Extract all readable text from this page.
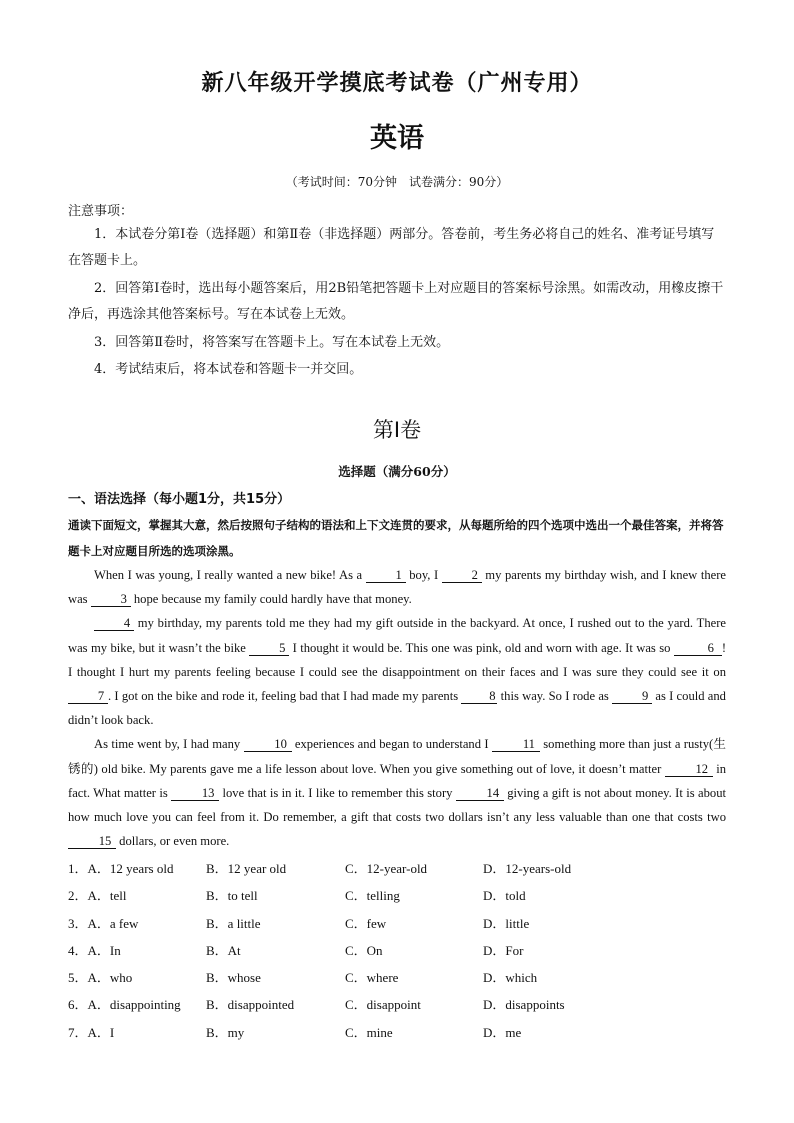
新八年级开学摸底考试卷（广州专用）
英语
（考试时间：70分钟　试卷满分：90分）
注意事项：
1．本试卷分第Ⅰ卷（选择题）和第Ⅱ卷（非选择题）两部分。答卷前，考生务必将自己的姓名、准考证号填写在答题卡上。
2．回答第Ⅰ卷时，选出每小题答案后，用2B铅笔把答题卡上对应题目的答案标号涂黑。如需改动，用橡皮擦干净后，再选涂其他答案标号。写在本试卷上无效。
3．回答第Ⅱ卷时，将答案写在答题卡上。写在本试卷上无效。
4．考试结束后，将本试卷和答题卡一并交回。
第Ⅰ卷
选择题（满分60分）
一、语法选择（每小题1分，共15分）
通读下面短文，掌握其大意，然后按照句子结构的语法和上下文连贯的要求，从每题所给的四个选项中选出一个最佳答案，并将答题卡上对应题目所选的选项涂黑。

When I was young, I really wanted a new bike! As a 1 boy, I 2 my parents my birthday wish, and I knew there was 3 hope because my family could hardly have that money.

4 my birthday, my parents told me they had my gift outside in the backyard. At once, I rushed out to the yard. There was my bike, but it wasn’t the bike 5 I thought it would be. This one was pink, old and worn with age. It was so	6 ! I thought I hurt my parents feeling because I could see the disappointment on their faces and I was sure they could see it on 7 . I got on the bike and rode it, feeling bad that I had made my parents 8 this way. So I rode as 9 as I could and didn’t look back.

As time went by, I had many 10 experiences and began to understand I 11 something more than just a rusty(生锈的) old bike. My parents gave me a life lesson about love. When you give something out of love, it doesn’t matter 12 in fact. What matter is 13 love that is in it. I like to remember this story 14 giving a gift is not about money. It is about how much love you can feel from it. Do remember, a gift that costs two dollars isn’t any less valuable than one that costs two 15 dollars, or even more.

1．A．12 years old	B．12 year old	C．12-year-old	D．12-years-old
2．A．tell	B．to tell	C．telling	D．told
3．A．a few	B．a little	C．few	D．little
4．A．In	B．At	C．On	D．For
5．A．who	B．whose	C．where	D．which
6．A．disappointing B．disappointed	C．disappoint	D．disappoints
7．A．I	B．my	C．mine	D．me
